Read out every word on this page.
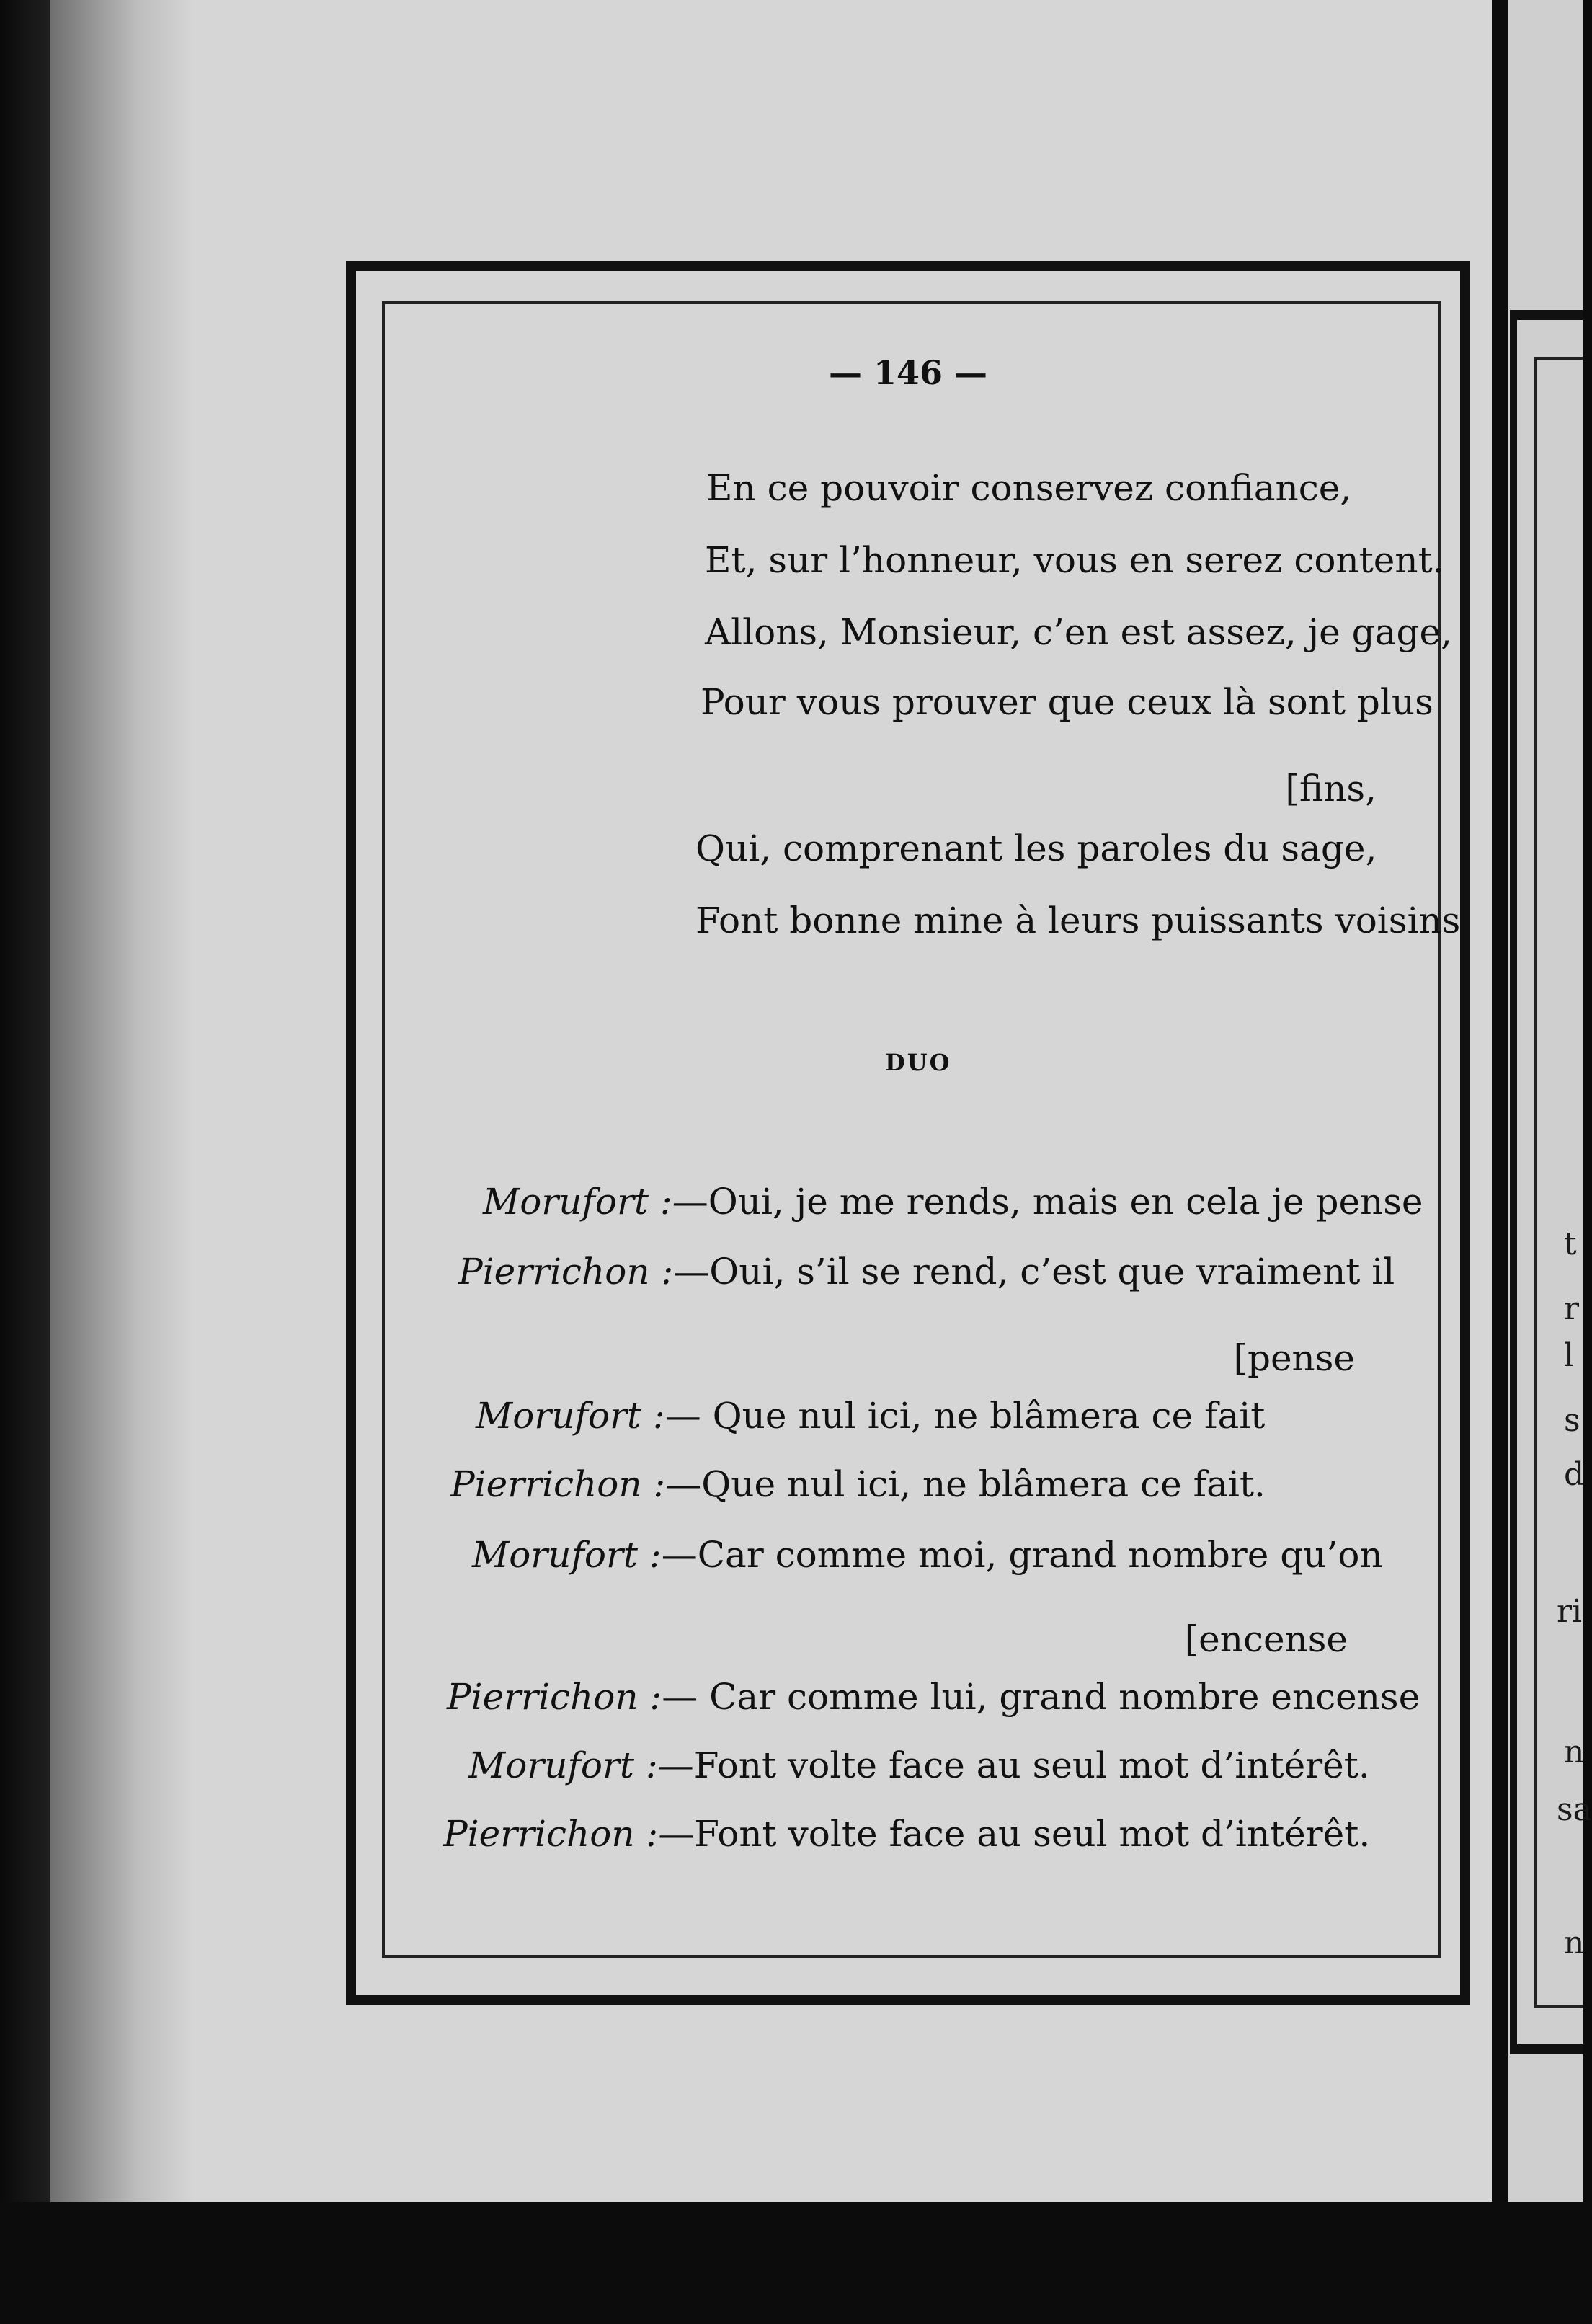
t
r
l
s
d
ri
n
sa
n
— 146 —
En ce pouvoir conservez confiance,
Et, sur l’honneur, vous en serez content.
Allons, Monsieur, c’en est assez, je gage,
Pour vous prouver que ceux là sont plus
[fins,
Qui, comprenant les paroles du sage,
Font bonne mine à leurs puissants voisins.
DUO
Morufort :—Oui, je me rends, mais en cela je pense
Pierrichon :—Oui, s’il se rend, c’est que vraiment il
[pense
Morufort :— Que nul ici, ne blâmera ce fait
Pierrichon :—Que nul ici, ne blâmera ce fait.
Morufort :—Car comme moi, grand nombre qu’on
[encense
Pierrichon :— Car comme lui, grand nombre encense
Morufort :—Font volte face au seul mot d’intérêt.
Pierrichon :—Font volte face au seul mot d’intérêt.
